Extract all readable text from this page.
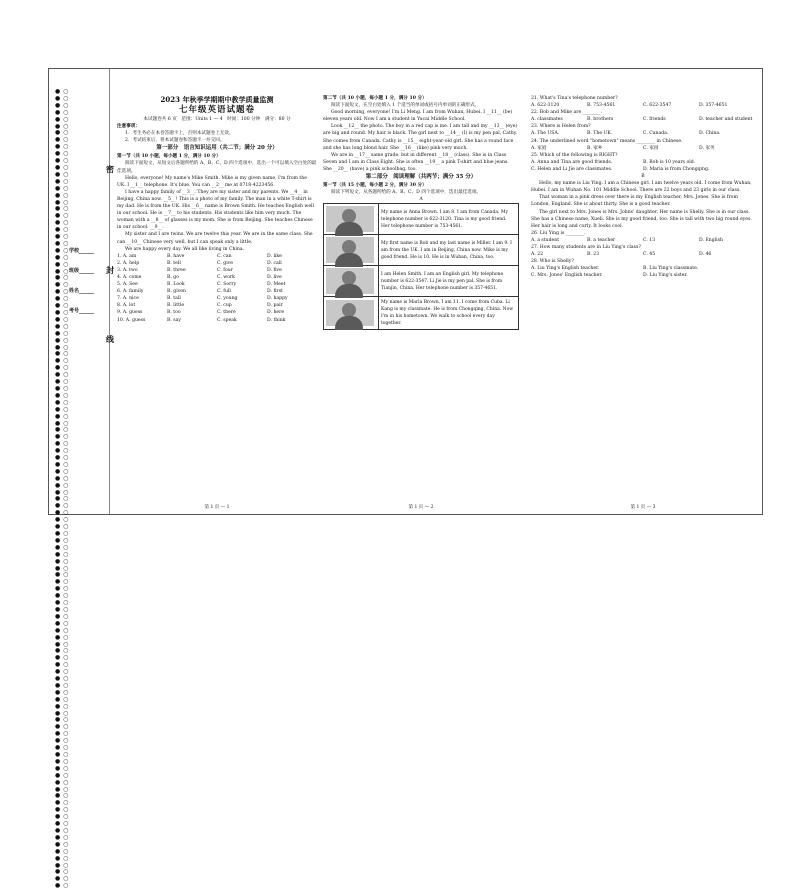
● ○ ● ○
● ○ ● ○
● ○ ● ○
● ○ ● ○
● ○ ● ○
● ○ ● ○
● ○ ● ○
● ○ ● ○
● ○ ● ○
● ○ ● ○
● ○ ● ○
● ○ ● ○
● ○ ● ○
● ○ ● ○
● ○ ● ○
● ○ ● ○
● ○ ● ○
● ○ ● ○
● ○ ● ○
● ○ ● ○
● ○ ● ○
● ○ ● ○
● ○ ● ○
● ○ ● ○
● ○ ● ○
● ○ ● ○
● ○ ● ○
● ○ ● ○
● ○ ● ○
● ○ ● ○
● ○ ● ○
● ○ ● ○
● ○ ● ○
● ○ ● ○
● ○ ● ○
● ○ ● ○
● ○ ● ○
● ○ ● ○
● ○ ● ○
● ○ ● ○
● ○ ● ○
● ○ ● ○
● ○ ● ○
● ○ ● ○
● ○ ● ○
● ○ ● ○
● ○ ● ○
● ○ ● ○
● ○ ● ○
● ○ ● ○
● ○ ● ○
● ○ ● ○
● ○ ● ○
● ○ ● ○
● ○ ● ○
● ○ ● ○
● ○ ● ○
● ○ ● ○
学校______
班级______
姓名______
考号______
密
封
线

2023 年秋季学期期中教学质量监测

七年级英语试题卷

本试题卷共 6 页　范围：Units 1 — 4　时间：100 分钟　满分：80 分

注意事项：

1．考生务必在本卷答题卡上，否则本试题卷上无效。

2．考试结束后，将本试题卷和答题卡一并交回。

第一部分　语言知识运用（共二节；满分 20 分）

第一节（共 10 小题，每小题 1 分，满分 10 分）

阅读下面短文，从短文后各题所给的 A、B、C、D 四个选项中，选出一个可以填入空白处的最佳选项。

Hello, everyone! My name's Mike Smith. Mike is my given name, I'm from the UK. I __1__ telephone. It's blue. You can __2__ me at 0718-4223456.

I have a happy family of __3__. They are my sister and my parents. We __4__ in Beijing, China now. __5__! This is a photo of my family. The man in a white T-shirt is my dad. He is from the UK. His __6__ name is Brown Smith. He teaches English well in our school. He is __7__ to his students. His students like him very much. The woman with a __8__ of glasses is my mom. She is from Beijing. She teaches Chinese in our school. __9__.

My sister and I are twins. We are twelve this year. We are in the same class. She can __10__ Chinese very well, but I can speak only a little.

We are happy every day. We all like living in China.

1. A. am	B. have	C. can	D. like
2. A. help	B. tell	C. give	D. call
3. A. two	B. three	C. four	D. five
4. A. come	B. go	C. work	D. live
5. A. See	B. Look	C. Sorry	D. Meet
6. A. family	B. given	C. full	D. first
7. A. nice	B. tall	C. young	D. happy
8. A. lot	B. little	C. cup	D. pair
9. A. guess	B. too	C. there	D. here
10. A. guess	B. say	C. speak	D. think
第 1 页 — 1

第二节（共 10 小题，每小题 1 分，满分 10 分）

阅读下面短文，在空白处填入 1 个适当的单词或括号内单词的正确形式。

Good morning, everyone! I'm Li Meng. I am from Wuhan, Hubei. I __11__ (be) eleven years old. Now I am a student in Yucai Middle School.

Look __12__ the photo. The boy in a red cap is me. I am tall and my __13__ (eye) are big and round. My hair is black. The girl next to __14__ (I) is my pen pal, Cathy. She comes from Canada. Cathy is __15__ eight-year-old girl. She has a round face and she has long blond hair. She __16__ (like) pink very much.

We are in __17__ same grade, but in different __18__ (class). She is in Class Seven and I am in Class Eight. She is often __19__ a pink T-shirt and blue jeans. She __20__ (have) a pink schoolbag, too.

第二部分　阅读理解（共两节；满分 35 分）

第一节（共 15 小题，每小题 2 分，满分 30 分）

阅读下列短文，从各题所给的 A、B、C、D 四个选项中，选出最佳选项。

A

	My name is Anna Brown. I am 8. I am from Canada. My telephone number is 622-3120. Tina is my good friend. Her telephone number is 753-4561.

	My first name is Bob and my last name is Miller. I am 9. I am from the UK. I am in Beijing, China now. Mike is my good friend. He is 10. He is in Wuhan, China, too.

	I am Helen Smith. I am an English girl. My telephone number is 622-3547. Li Jie is my pen pal. She is from Tianjin, China. Her telephone number is 357-4651.

	My name is Maria Brown. I am 11. I come from Cuba. Li Kang is my classmate. He is from Chongqing, China. Now I'm in his hometown. We walk to school every day together.
第 1 页 — 2

21. What's Tina's telephone number?

A. 622-3120	B. 753-4561	C. 622-3547	D. 357-4651

22. Bob and Mike are ________.

A. classmates	B. brothers	C. friends	D. teacher and student

23. Where is Helen from?

A. The USA.	B. The UK.	C. Canada.	D. China.

24. The underlined word "hometown" means ________ in Chinese.

A. 家庭	B. 家乡	C. 家园	D. 家务

25. Which of the following is RIGHT?

A. Anna and Tina are good friends.	B. Bob is 10 years old.
C. Helen and Li Jie are classmates.	D. Maria is from Chongqing.

B

Hello, my name is Liu Ying. I am a Chinese girl. I am twelve years old. I come from Wuhan, Hubei. I am in Wuhan No. 101 Middle School. There are 22 boys and 23 girls in our class.

That woman in a pink dress over there is my English teacher, Mrs. Jones. She is from London, England. She is about thirty. She is a good teacher.

The girl next to Mrs. Jones is Mrs. Johns' daughter. Her name is Shelly. She is in our class. She has a Chinese name, Xueli. She is my good friend, too. She is tall with two big round eyes. Her hair is long and curly. It looks cool.

26. Liu Ying is ________.

A. a student	B. a teacher	C. 13	D. English

27. How many students are in Liu Ying's class?

A. 22	B. 23	C. 45	D. 46

28. Who is Shelly?

A. Liu Ying's English teacher.	B. Liu Ying's classmate.
C. Mrs. Jones' English teacher.	D. Liu Ying's sister.
第 1 页 — 3
